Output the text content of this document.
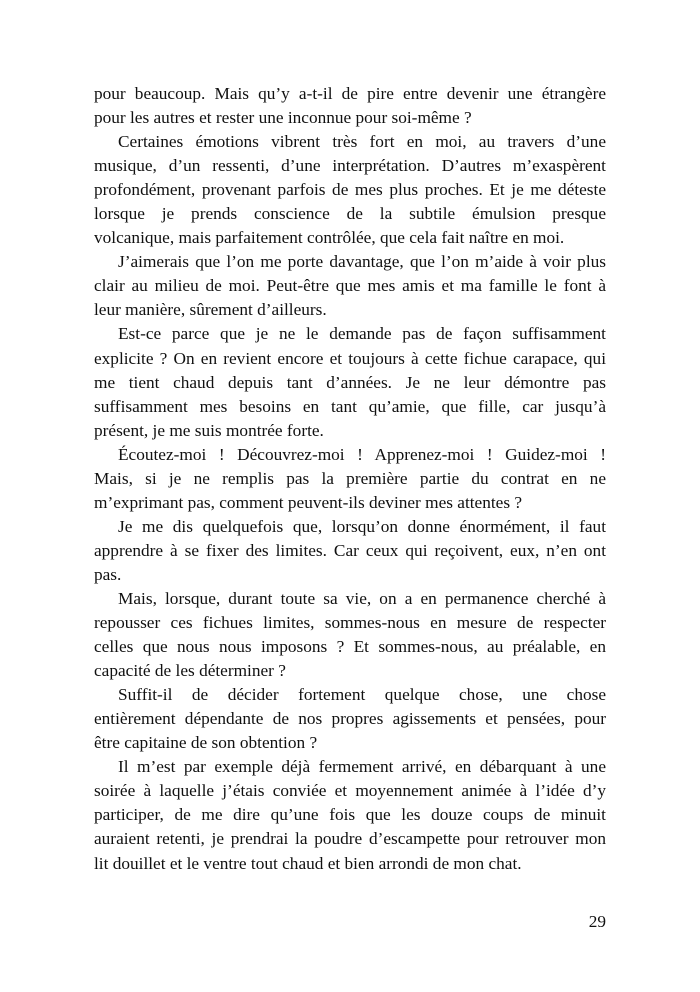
pour beaucoup. Mais qu’y a-t-il de pire entre devenir une étrangère
pour les autres et rester une inconnue pour soi-même ?
Certaines émotions vibrent très fort en moi, au travers d’une
musique, d’un ressenti, d’une interprétation. D’autres m’exaspèrent
profondément, provenant parfois de mes plus proches. Et je me déteste
lorsque je prends conscience de la subtile émulsion presque
volcanique, mais parfaitement contrôlée, que cela fait naître en moi.
J’aimerais que l’on me porte davantage, que l’on m’aide à voir plus
clair au milieu de moi. Peut-être que mes amis et ma famille le font à
leur manière, sûrement d’ailleurs.
Est-ce parce que je ne le demande pas de façon suffisamment
explicite ? On en revient encore et toujours à cette fichue carapace, qui
me tient chaud depuis tant d’années. Je ne leur démontre pas
suffisamment mes besoins en tant qu’amie, que fille, car jusqu’à
présent, je me suis montrée forte.
Écoutez-moi ! Découvrez-moi ! Apprenez-moi ! Guidez-moi !
Mais, si je ne remplis pas la première partie du contrat en ne
m’exprimant pas, comment peuvent-ils deviner mes attentes ?
Je me dis quelquefois que, lorsqu’on donne énormément, il faut
apprendre à se fixer des limites. Car ceux qui reçoivent, eux, n’en ont
pas.
Mais, lorsque, durant toute sa vie, on a en permanence cherché à
repousser ces fichues limites, sommes-nous en mesure de respecter
celles que nous nous imposons ? Et sommes-nous, au préalable, en
capacité de les déterminer ?
Suffit-il de décider fortement quelque chose, une chose
entièrement dépendante de nos propres agissements et pensées, pour
être capitaine de son obtention ?
Il m’est par exemple déjà fermement arrivé, en débarquant à une
soirée à laquelle j’étais conviée et moyennement animée à l’idée d’y
participer, de me dire qu’une fois que les douze coups de minuit
auraient retenti, je prendrai la poudre d’escampette pour retrouver mon
lit douillet et le ventre tout chaud et bien arrondi de mon chat.
29
